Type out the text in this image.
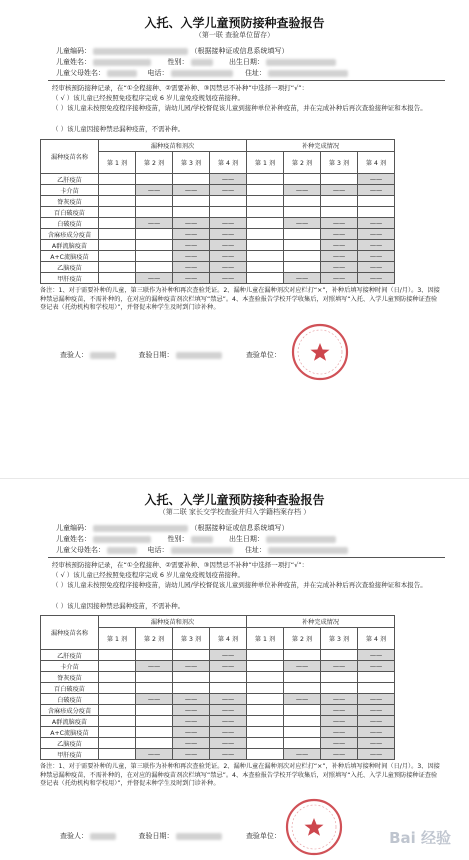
入托、入学儿童预防接种查验报告
（第一联 查验单位留存）
儿童编码：	（根据接种证或信息系统填写）
儿童姓名：	性别：	出生日期：
儿童父母姓名：	电话：	住址：
经审核预防接种记录，在“①全程接种、②需要补种、③因禁忌不补种”中选择一项打“√”：
（ √ ）该儿童已经按照免疫程序完成 6 岁儿童免疫规划疫苗接种。
（ ）该儿童未按照免疫程序接种疫苗，请幼儿园/学校督促该儿童到接种单位补种疫苗，并在完成补种后再次查验接种证和本报告。
（ ）该儿童因接种禁忌漏种疫苗，不需补种。
漏种疫苗名称	漏种疫苗和剂次				补种完成情况			
	第 1 剂	第 2 剂	第 3 剂	第 4 剂	第 1 剂	第 2 剂	第 3 剂	第 4 剂
乙肝疫苗				——				——
卡介苗		——	——	——		——	——	——
脊灰疫苗								
百白破疫苗								
白破疫苗		——	——	——		——	——	——
含麻疹成分疫苗			——	——			——	——
A群流脑疫苗			——	——			——	——
A+C流脑疫苗			——	——			——	——
乙脑疫苗			——	——			——	——
甲肝疫苗		——	——	——		——	——	——
备注：1、对于需要补种的儿童，第三联作为补种和再次查验凭证。2、漏种儿童在漏种剂次对应栏打“×”，补种后填写接种时间（日/月）。3、因接种禁忌漏种疫苗，不需补种的，在对应的漏种疫苗剂次栏填写“禁忌”。4、本查验报告学校开学收集后，对照填写“入托、入学儿童预防接种证查验登记表（托幼机构和学校用）”，并督促未种学生及时到门诊补种。
查验人：	查验日期：	查验单位：
入托、入学儿童预防接种查验报告
（第二联 家长交学校查验并归入学籍档案存档 ）
儿童编码：	（根据接种证或信息系统填写）
儿童姓名：	性别：	出生日期：
儿童父母姓名：	电话：	住址：
经审核预防接种记录，在“①全程接种、②需要补种、③因禁忌不补种”中选择一项打“√”：
（ √ ）该儿童已经按照免疫程序完成 6 岁儿童免疫规划疫苗接种。
（ ）该儿童未按照免疫程序接种疫苗，请幼儿园/学校督促该儿童到接种单位补种疫苗，并在完成补种后再次查验接种证和本报告。
（ ）该儿童因接种禁忌漏种疫苗，不需补种。
漏种疫苗名称	漏种疫苗和剂次				补种完成情况			
	第 1 剂	第 2 剂	第 3 剂	第 4 剂	第 1 剂	第 2 剂	第 3 剂	第 4 剂
乙肝疫苗				——				——
卡介苗		——	——	——		——	——	——
脊灰疫苗								
百白破疫苗								
白破疫苗		——	——	——		——	——	——
含麻疹成分疫苗			——	——			——	——
A群流脑疫苗			——	——			——	——
A+C流脑疫苗			——	——			——	——
乙脑疫苗			——	——			——	——
甲肝疫苗		——	——	——		——	——	——
备注：1、对于需要补种的儿童，第三联作为补种和再次查验凭证。2、漏种儿童在漏种剂次对应栏打“×”，补种后填写接种时间（日/月）。3、因接种禁忌漏种疫苗，不需补种的，在对应的漏种疫苗剂次栏填写“禁忌”。4、本查验报告学校开学收集后，对照填写“入托、入学儿童预防接种证查验登记表（托幼机构和学校用）”，并督促未种学生及时到门诊补种。
查验人：	查验日期：	查验单位：	Bai 经验
